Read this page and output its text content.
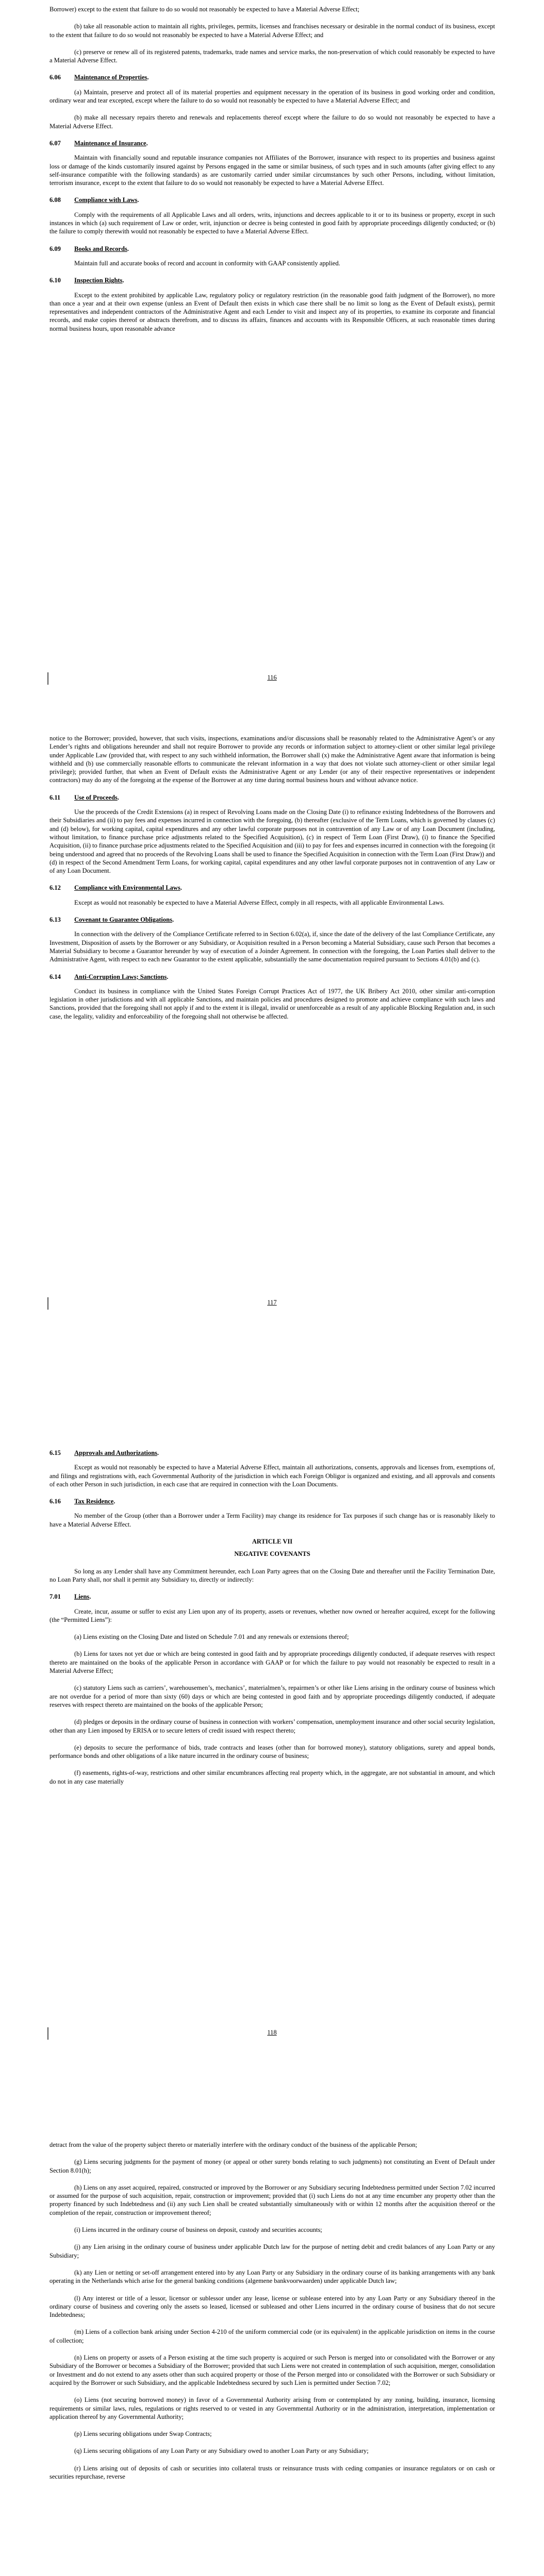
Borrower) except to the extent that failure to do so would not reasonably be expected to have a Material Adverse Effect;

(b) take all reasonable action to maintain all rights, privileges, permits, licenses and franchises necessary or desirable in the normal conduct of its business, except to the extent that failure to do so would not reasonably be expected to have a Material Adverse Effect; and

(c) preserve or renew all of its registered patents, trademarks, trade names and service marks, the non-preservation of which could reasonably be expected to have a Material Adverse Effect.

6.06 Maintenance of Properties.

(a) Maintain, preserve and protect all of its material properties and equipment necessary in the operation of its business in good working order and condition, ordinary wear and tear excepted, except where the failure to do so would not reasonably be expected to have a Material Adverse Effect; and

(b) make all necessary repairs thereto and renewals and replacements thereof except where the failure to do so would not reasonably be expected to have a Material Adverse Effect.

6.07 Maintenance of Insurance.

Maintain with financially sound and reputable insurance companies not Affiliates of the Borrower, insurance with respect to its properties and business against loss or damage of the kinds customarily insured against by Persons engaged in the same or similar business, of such types and in such amounts (after giving effect to any self-insurance compatible with the following standards) as are customarily carried under similar circumstances by such other Persons, including, without limitation, terrorism insurance, except to the extent that failure to do so would not reasonably be expected to have a Material Adverse Effect.

6.08 Compliance with Laws.

Comply with the requirements of all Applicable Laws and all orders, writs, injunctions and decrees applicable to it or to its business or property, except in such instances in which (a) such requirement of Law or order, writ, injunction or decree is being contested in good faith by appropriate proceedings diligently conducted; or (b) the failure to comply therewith would not reasonably be expected to have a Material Adverse Effect.

6.09 Books and Records.

Maintain full and accurate books of record and account in conformity with GAAP consistently applied.

6.10 Inspection Rights.

Except to the extent prohibited by applicable Law, regulatory policy or regulatory restriction (in the reasonable good faith judgment of the Borrower), no more than once a year and at their own expense (unless an Event of Default then exists in which case there shall be no limit so long as the Event of Default exists), permit representatives and independent contractors of the Administrative Agent and each Lender to visit and inspect any of its properties, to examine its corporate and financial records, and make copies thereof or abstracts therefrom, and to discuss its affairs, finances and accounts with its Responsible Officers, at such reasonable times during normal business hours, upon reasonable advance

116

notice to the Borrower; provided, however, that such visits, inspections, examinations and/or discussions shall be reasonably related to the Administrative Agent’s or any Lender’s rights and obligations hereunder and shall not require Borrower to provide any records or information subject to attorney-client or other similar legal privilege under Applicable Law (provided that, with respect to any such withheld information, the Borrower shall (x) make the Administrative Agent aware that information is being withheld and (b) use commercially reasonable efforts to communicate the relevant information in a way that does not violate such attorney-client or other similar legal privilege); provided further, that when an Event of Default exists the Administrative Agent or any Lender (or any of their respective representatives or independent contractors) may do any of the foregoing at the expense of the Borrower at any time during normal business hours and without advance notice.

6.11 Use of Proceeds.

Use the proceeds of the Credit Extensions (a) in respect of Revolving Loans made on the Closing Date (i) to refinance existing Indebtedness of the Borrowers and their Subsidiaries and (ii) to pay fees and expenses incurred in connection with the foregoing, (b) thereafter (exclusive of the Term Loans, which is governed by clauses (c) and (d) below), for working capital, capital expenditures and any other lawful corporate purposes not in contravention of any Law or of any Loan Document (including, without limitation, to finance purchase price adjustments related to the Specified Acquisition), (c) in respect of Term Loan (First Draw), (i) to finance the Specified Acquisition, (ii) to finance purchase price adjustments related to the Specified Acquisition and (iii) to pay for fees and expenses incurred in connection with the foregoing (it being understood and agreed that no proceeds of the Revolving Loans shall be used to finance the Specified Acquisition in connection with the Term Loan (First Draw)) and (d) in respect of the Second Amendment Term Loans, for working capital, capital expenditures and any other lawful corporate purposes not in contravention of any Law or of any Loan Document.

6.12 Compliance with Environmental Laws.

Except as would not reasonably be expected to have a Material Adverse Effect, comply in all respects, with all applicable Environmental Laws.

6.13 Covenant to Guarantee Obligations.

In connection with the delivery of the Compliance Certificate referred to in Section 6.02(a), if, since the date of the delivery of the last Compliance Certificate, any Investment, Disposition of assets by the Borrower or any Subsidiary, or Acquisition resulted in a Person becoming a Material Subsidiary, cause such Person that becomes a Material Subsidiary to become a Guarantor hereunder by way of execution of a Joinder Agreement. In connection with the foregoing, the Loan Parties shall deliver to the Administrative Agent, with respect to each new Guarantor to the extent applicable, substantially the same documentation required pursuant to Sections 4.01(b) and (c).

6.14 Anti-Corruption Laws; Sanctions.

Conduct its business in compliance with the United States Foreign Corrupt Practices Act of 1977, the UK Bribery Act 2010, other similar anti-corruption legislation in other jurisdictions and with all applicable Sanctions, and maintain policies and procedures designed to promote and achieve compliance with such laws and Sanctions, provided that the foregoing shall not apply if and to the extent it is illegal, invalid or unenforceable as a result of any applicable Blocking Regulation and, in such case, the legality, validity and enforceability of the foregoing shall not otherwise be affected.

117
6.15 Approvals and Authorizations.

Except as would not reasonably be expected to have a Material Adverse Effect, maintain all authorizations, consents, approvals and licenses from, exemptions of, and filings and registrations with, each Governmental Authority of the jurisdiction in which each Foreign Obligor is organized and existing, and all approvals and consents of each other Person in such jurisdiction, in each case that are required in connection with the Loan Documents.

6.16 Tax Residence.

No member of the Group (other than a Borrower under a Term Facility) may change its residence for Tax purposes if such change has or is reasonably likely to have a Material Adverse Effect.

ARTICLE VII
NEGATIVE COVENANTS

So long as any Lender shall have any Commitment hereunder, each Loan Party agrees that on the Closing Date and thereafter until the Facility Termination Date, no Loan Party shall, nor shall it permit any Subsidiary to, directly or indirectly:

7.01 Liens.

Create, incur, assume or suffer to exist any Lien upon any of its property, assets or revenues, whether now owned or hereafter acquired, except for the following (the “Permitted Liens”):

(a) Liens existing on the Closing Date and listed on Schedule 7.01 and any renewals or extensions thereof;

(b) Liens for taxes not yet due or which are being contested in good faith and by appropriate proceedings diligently conducted, if adequate reserves with respect thereto are maintained on the books of the applicable Person in accordance with GAAP or for which the failure to pay would not reasonably be expected to result in a Material Adverse Effect;

(c) statutory Liens such as carriers’, warehousemen’s, mechanics’, materialmen’s, repairmen’s or other like Liens arising in the ordinary course of business which are not overdue for a period of more than sixty (60) days or which are being contested in good faith and by appropriate proceedings diligently conducted, if adequate reserves with respect thereto are maintained on the books of the applicable Person;

(d) pledges or deposits in the ordinary course of business in connection with workers’ compensation, unemployment insurance and other social security legislation, other than any Lien imposed by ERISA or to secure letters of credit issued with respect thereto;

(e) deposits to secure the performance of bids, trade contracts and leases (other than for borrowed money), statutory obligations, surety and appeal bonds, performance bonds and other obligations of a like nature incurred in the ordinary course of business;

(f) easements, rights-of-way, restrictions and other similar encumbrances affecting real property which, in the aggregate, are not substantial in amount, and which do not in any case materially

118

detract from the value of the property subject thereto or materially interfere with the ordinary conduct of the business of the applicable Person;

(g) Liens securing judgments for the payment of money (or appeal or other surety bonds relating to such judgments) not constituting an Event of Default under Section 8.01(h);

(h) Liens on any asset acquired, repaired, constructed or improved by the Borrower or any Subsidiary securing Indebtedness permitted under Section 7.02 incurred or assumed for the purpose of such acquisition, repair, construction or improvement; provided that (i) such Liens do not at any time encumber any property other than the property financed by such Indebtedness and (ii) any such Lien shall be created substantially simultaneously with or within 12 months after the acquisition thereof or the completion of the repair, construction or improvement thereof;

(i) Liens incurred in the ordinary course of business on deposit, custody and securities accounts;

(j) any Lien arising in the ordinary course of business under applicable Dutch law for the purpose of netting debit and credit balances of any Loan Party or any Subsidiary;

(k) any Lien or netting or set-off arrangement entered into by any Loan Party or any Subsidiary in the ordinary course of its banking arrangements with any bank operating in the Netherlands which arise for the general banking conditions (algemene bankvoorwaarden) under applicable Dutch law;

(l) Any interest or title of a lessor, licensor or sublessor under any lease, license or sublease entered into by any Loan Party or any Subsidiary thereof in the ordinary course of business and covering only the assets so leased, licensed or subleased and other Liens incurred in the ordinary course of business that do not secure Indebtedness;

(m) Liens of a collection bank arising under Section 4-210 of the uniform commercial code (or its equivalent) in the applicable jurisdiction on items in the course of collection;

(n) Liens on property or assets of a Person existing at the time such property is acquired or such Person is merged into or consolidated with the Borrower or any Subsidiary of the Borrower or becomes a Subsidiary of the Borrower; provided that such Liens were not created in contemplation of such acquisition, merger, consolidation or Investment and do not extend to any assets other than such acquired property or those of the Person merged into or consolidated with the Borrower or such Subsidiary or acquired by the Borrower or such Subsidiary, and the applicable Indebtedness secured by such Lien is permitted under Section 7.02;

(o) Liens (not securing borrowed money) in favor of a Governmental Authority arising from or contemplated by any zoning, building, insurance, licensing requirements or similar laws, rules, regulations or rights reserved to or vested in any Governmental Authority or in the administration, interpretation, implementation or application thereof by any Governmental Authority;

(p) Liens securing obligations under Swap Contracts;

(q) Liens securing obligations of any Loan Party or any Subsidiary owed to another Loan Party or any Subsidiary;

(r) Liens arising out of deposits of cash or securities into collateral trusts or reinsurance trusts with ceding companies or insurance regulators or on cash or securities repurchase, reverse
